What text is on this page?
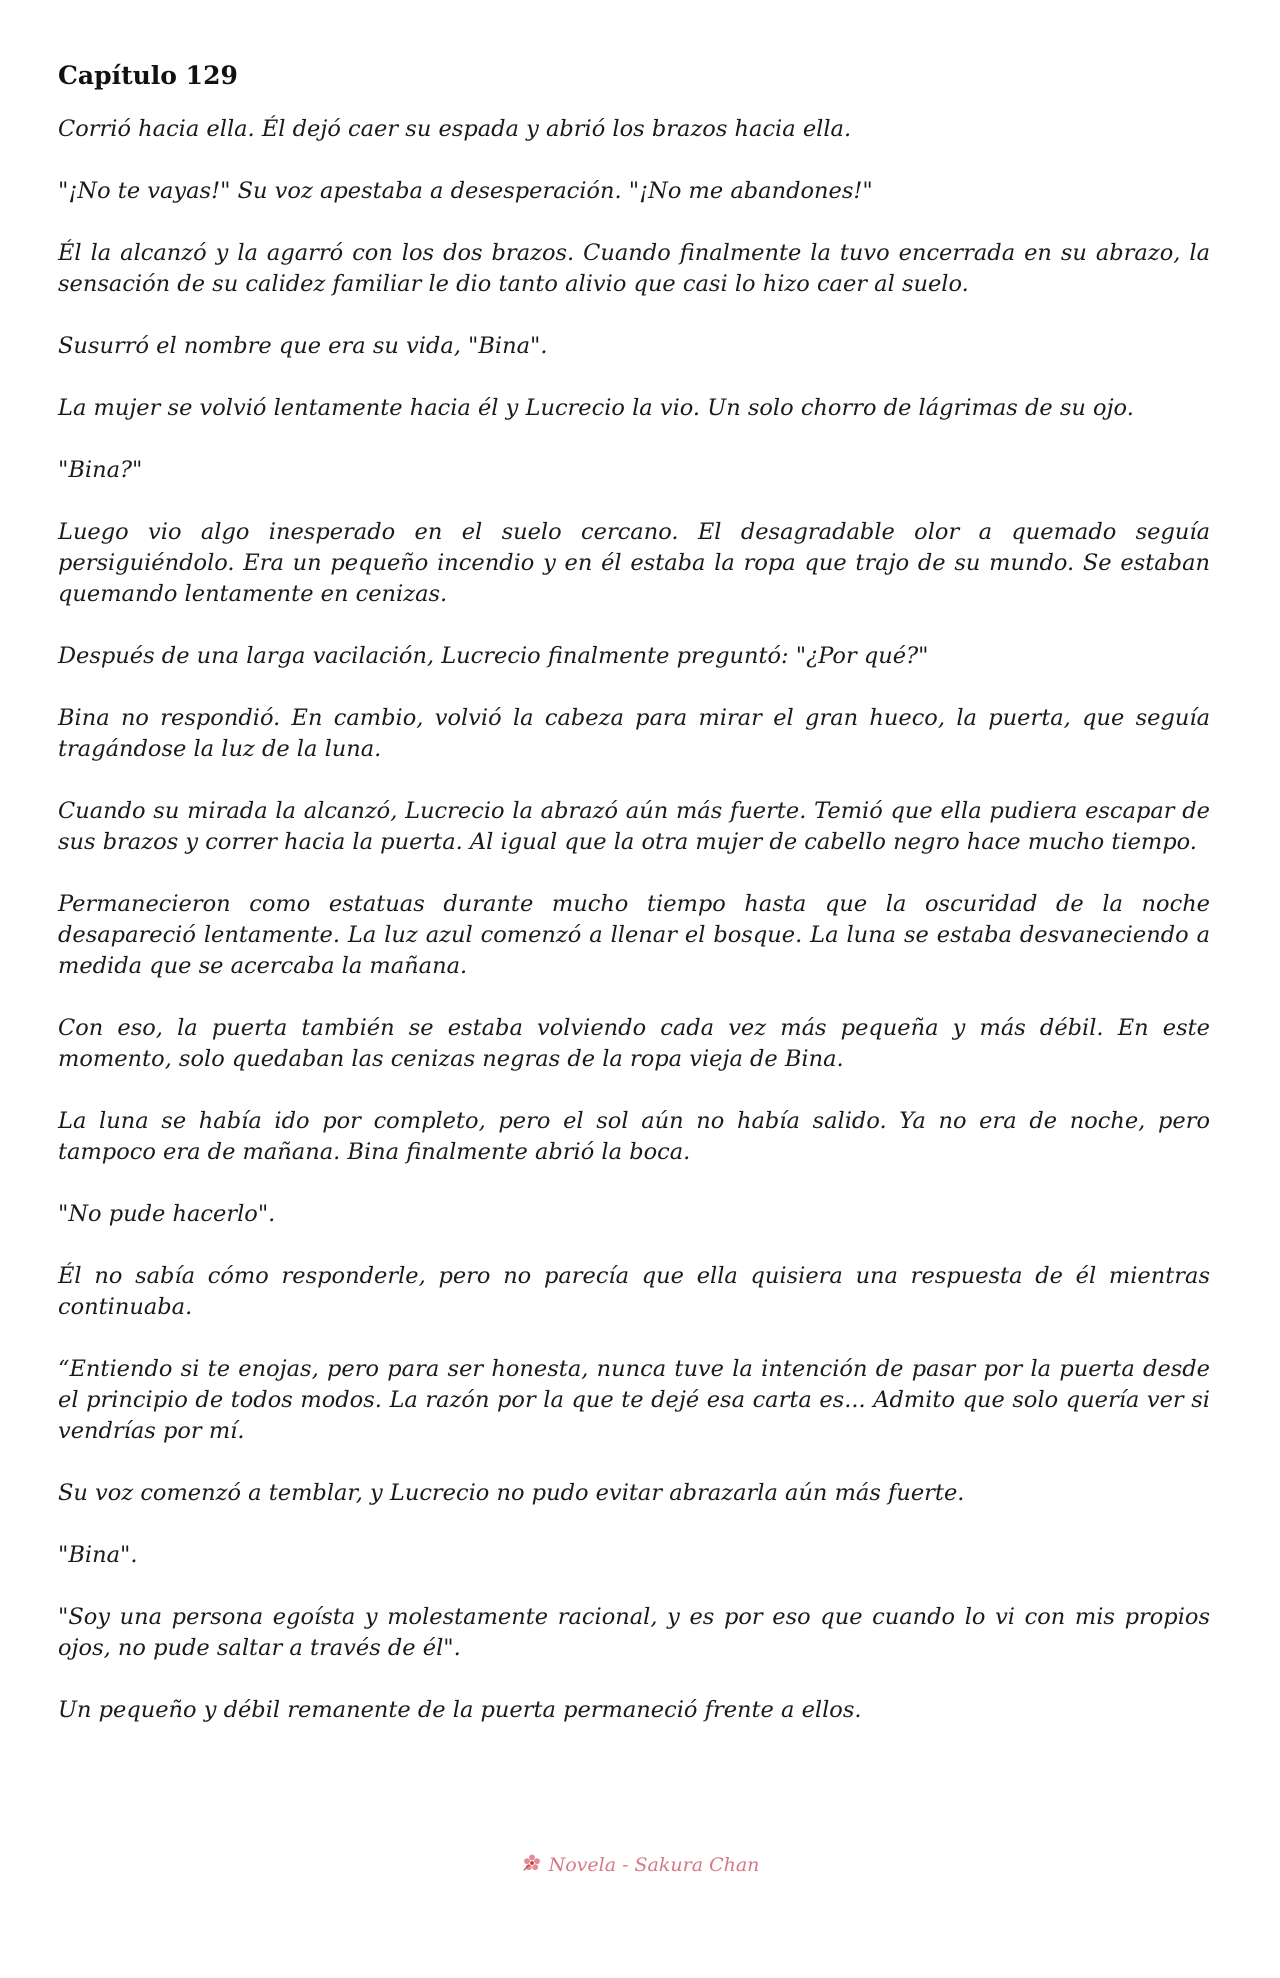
Capítulo 129

Corrió hacia ella. Él dejó caer su espada y abrió los brazos hacia ella.

"¡No te vayas!" Su voz apestaba a desesperación. "¡No me abandones!"

Él la alcanzó y la agarró con los dos brazos. Cuando finalmente la tuvo encerrada en su abrazo, la sensación de su calidez familiar le dio tanto alivio que casi lo hizo caer al suelo.

Susurró el nombre que era su vida, "Bina".

La mujer se volvió lentamente hacia él y Lucrecio la vio. Un solo chorro de lágrimas de su ojo.

"Bina?"

Luego vio algo inesperado en el suelo cercano. El desagradable olor a quemado seguía persiguiéndolo. Era un pequeño incendio y en él estaba la ropa que trajo de su mundo. Se estaban quemando lentamente en cenizas.

Después de una larga vacilación, Lucrecio finalmente preguntó: "¿Por qué?"

Bina no respondió. En cambio, volvió la cabeza para mirar el gran hueco, la puerta, que seguía tragándose la luz de la luna.

Cuando su mirada la alcanzó, Lucrecio la abrazó aún más fuerte. Temió que ella pudiera escapar de sus brazos y correr hacia la puerta. Al igual que la otra mujer de cabello negro hace mucho tiempo.

Permanecieron como estatuas durante mucho tiempo hasta que la oscuridad de la noche desapareció lentamente. La luz azul comenzó a llenar el bosque. La luna se estaba desvaneciendo a medida que se acercaba la mañana.

Con eso, la puerta también se estaba volviendo cada vez más pequeña y más débil. En este momento, solo quedaban las cenizas negras de la ropa vieja de Bina.

La luna se había ido por completo, pero el sol aún no había salido. Ya no era de noche, pero tampoco era de mañana. Bina finalmente abrió la boca.

"No pude hacerlo".

Él no sabía cómo responderle, pero no parecía que ella quisiera una respuesta de él mientras continuaba.

“Entiendo si te enojas, pero para ser honesta, nunca tuve la intención de pasar por la puerta desde el principio de todos modos. La razón por la que te dejé esa carta es... Admito que solo quería ver si vendrías por mí.

Su voz comenzó a temblar, y Lucrecio no pudo evitar abrazarla aún más fuerte.

"Bina".

"Soy una persona egoísta y molestamente racional, y es por eso que cuando lo vi con mis propios ojos, no pude saltar a través de él".

Un pequeño y débil remanente de la puerta permaneció frente a ellos.

Novela - Sakura Chan
